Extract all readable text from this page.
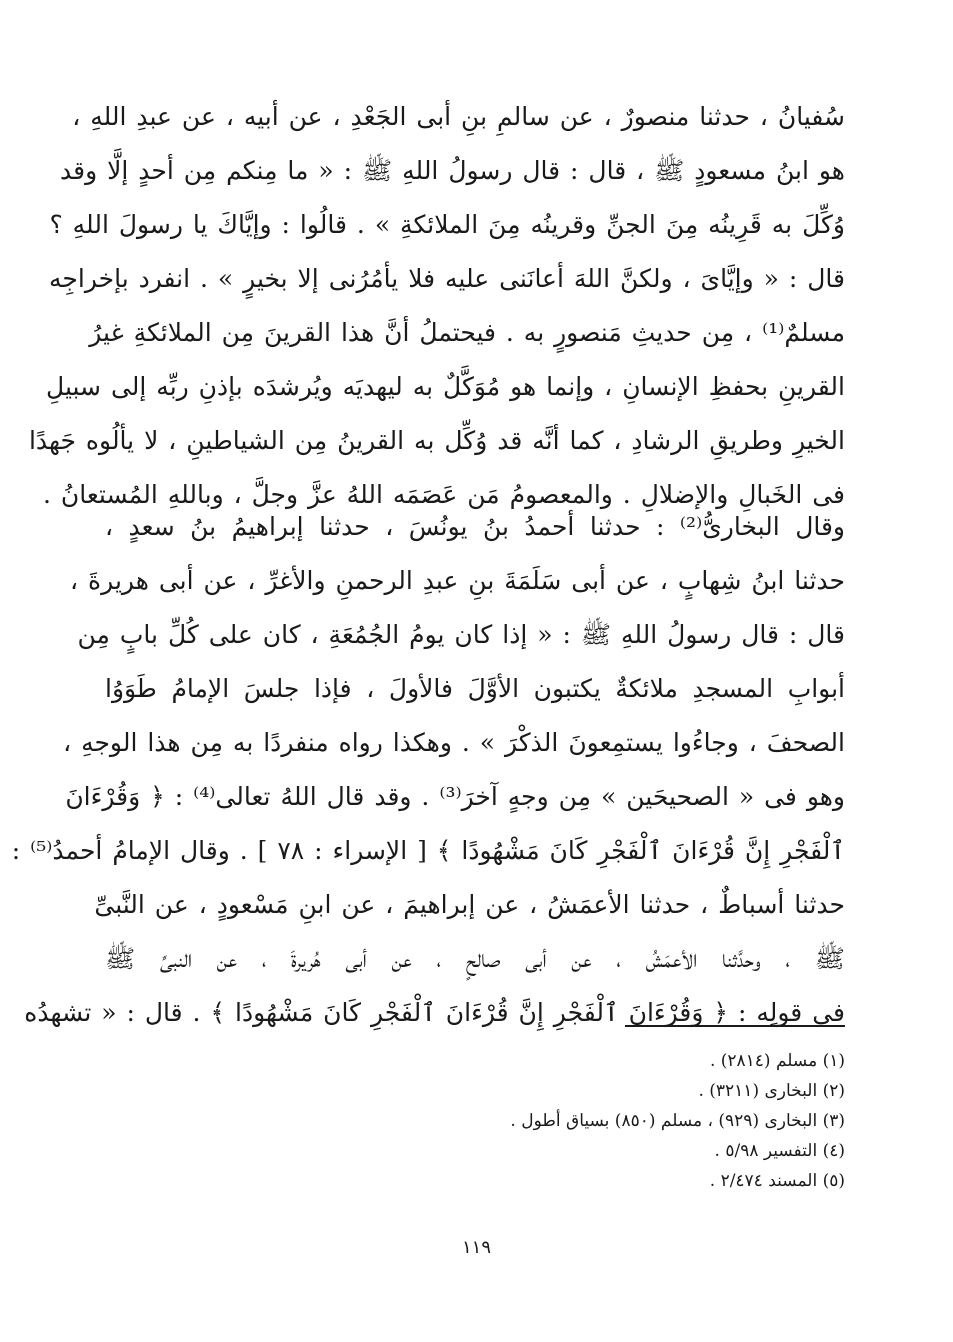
سُفيانُ ، حدثنا منصورٌ ، عن سالمِ بنِ أبى الجَعْدِ ، عن أبيه ، عن عبدِ اللهِ ،
هو ابنُ مسعودٍ ﷺ ، قال : قال رسولُ اللهِ ﷺ : « ما مِنكم مِن أحدٍ إلَّا وقد
وُكِّلَ به قَرِينُه مِنَ الجنِّ وقرينُه مِنَ الملائكةِ » . قالُوا : وإيَّاكَ يا رسولَ اللهِ ؟
قال : « وإيَّاىَ ، ولكنَّ اللهَ أعانَنى عليه فلا يأمُرُنى إلا بخيرٍ » . انفرد بإخراجِه
مسلمٌ⁽¹⁾ ، مِن حديثِ مَنصورٍ به . فيحتملُ أنَّ هذا القرينَ مِن الملائكةِ غيرُ
القرينِ بحفظِ الإنسانِ ، وإنما هو مُوَكَّلٌ به ليهديَه ويُرشدَه بإذنِ ربِّه إلى سبيلِ
الخيرِ وطريقِ الرشادِ ، كما أنَّه قد وُكِّل به القرينُ مِن الشياطينِ ، لا يألُوه جَهدًا
فى الخَبالِ والإضلالِ . والمعصومُ مَن عَصَمَه اللهُ عزَّ وجلَّ ، وباللهِ المُستعانُ .
وقال البخارىُّ⁽²⁾ : حدثنا أحمدُ بنُ يونُسَ ، حدثنا إبراهيمُ بنُ سعدٍ ،
حدثنا ابنُ شِهابٍ ، عن أبى سَلَمَةَ بنِ عبدِ الرحمنِ والأغرِّ ، عن أبى هريرةَ ،
قال : قال رسولُ اللهِ ﷺ : « إذا كان يومُ الجُمُعَةِ ، كان على كُلِّ بابٍ مِن
أبوابِ المسجدِ ملائكةٌ يكتبون الأوَّلَ فالأولَ ، فإذا جلسَ الإمامُ طَوَوُا
الصحفَ ، وجاءُوا يستمِعونَ الذكْرَ » . وهكذا رواه منفردًا به مِن هذا الوجهِ ،
وهو فى « الصحيحَين » مِن وجهٍ آخرَ⁽³⁾ . وقد قال اللهُ تعالى⁽⁴⁾ : ﴿ وَقُرْءَانَ
ٱلْفَجْرِ إِنَّ قُرْءَانَ ٱلْفَجْرِ كَانَ مَشْهُودًا ﴾ [ الإسراء : ٧٨ ] . وقال الإمامُ أحمدُ⁽⁵⁾ :
حدثنا أسباطٌ ، حدثنا الأعمَشُ ، عن إبراهيمَ ، عن ابنِ مَسْعودٍ ، عن النَّبىِّ
ﷺ ، وحدَّثنا الأعمَشُ ، عن أبى صالحٍ ، عن أبى هُريرةَ ، عن النبىِّ ﷺ
فى قولِه : ﴿ وَقُرْءَانَ ٱلْفَجْرِ إِنَّ قُرْءَانَ ٱلْفَجْرِ كَانَ مَشْهُودًا ﴾ . قال : « تشهدُه
(١) مسلم (٢٨١٤) .
(٢) البخارى (٣٢١١) .
(٣) البخارى (٩٢٩) ، مسلم (٨٥٠) بسياق أطول .
(٤) التفسير ٥/٩٨ .
(٥) المسند ٢/٤٧٤ .
١١٩
